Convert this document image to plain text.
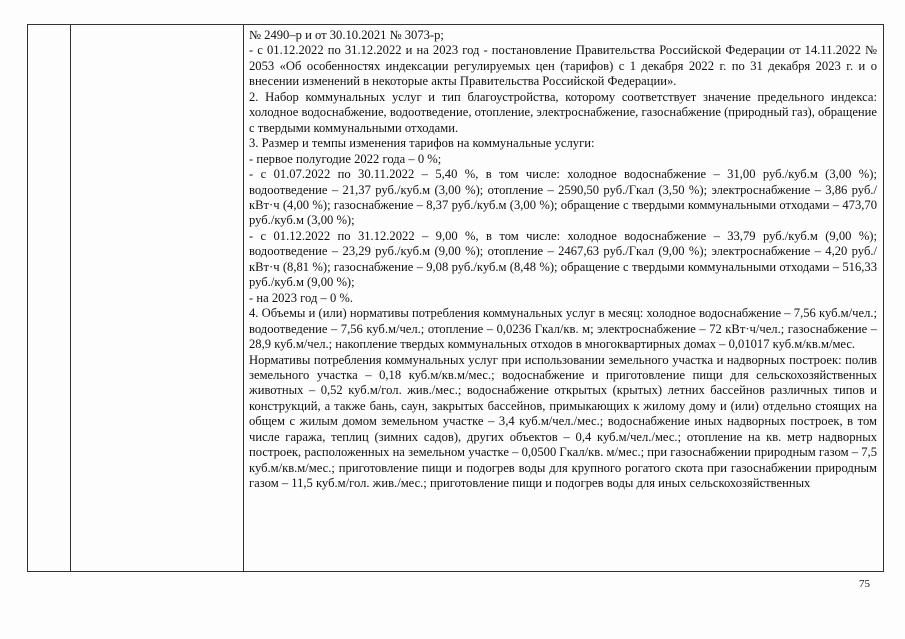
№ 2490–р и от 30.10.2021 № 3073-р;

- с 01.12.2022 по 31.12.2022 и на 2023 год - постановление Правительства Российской Федерации от 14.11.2022 № 2053 «Об особенностях индексации регулируемых цен (тарифов) с 1 декабря 2022 г. по 31 декабря 2023 г. и о внесении изменений в некоторые акты Правительства Российской Федерации».

2. Набор коммунальных услуг и тип благоустройства, которому соответствует значение предельного индекса: холодное водоснабжение, водоотведение, отопление, электроснабжение, газоснабжение (природный газ), обращение с твердыми коммунальными отходами.

3. Размер и темпы изменения тарифов на коммунальные услуги:

- первое полугодие 2022 года – 0 %;

- с 01.07.2022 по 30.11.2022 – 5,40 %, в том числе: холодное водоснабжение – 31,00 руб./куб.м (3,00 %); водоотведение – 21,37 руб./куб.м (3,00 %); отопление – 2590,50 руб./Гкал (3,50 %); электроснабжение – 3,86 руб./кВт·ч (4,00 %); газоснабжение – 8,37 руб./куб.м (3,00 %); обращение с твердыми коммунальными отходами – 473,70 руб./куб.м (3,00 %);

- с 01.12.2022 по 31.12.2022 – 9,00 %, в том числе: холодное водоснабжение – 33,79 руб./куб.м (9,00 %); водоотведение – 23,29 руб./куб.м (9,00 %); отопление – 2467,63 руб./Гкал (9,00 %); электроснабжение – 4,20 руб./кВт·ч (8,81 %); газоснабжение – 9,08 руб./куб.м (8,48 %); обращение с твердыми коммунальными отходами – 516,33 руб./куб.м (9,00 %);

- на 2023 год – 0 %.

4. Объемы и (или) нормативы потребления коммунальных услуг в месяц: холодное водоснабжение – 7,56 куб.м/чел.; водоотведение – 7,56 куб.м/чел.; отопление – 0,0236 Гкал/кв. м; электроснабжение – 72 кВт·ч/чел.; газоснабжение – 28,9 куб.м/чел.; накопление твердых коммунальных отходов в многоквартирных домах – 0,01017 куб.м/кв.м/мес.

Нормативы потребления коммунальных услуг при использовании земельного участка и надворных построек: полив земельного участка – 0,18 куб.м/кв.м/мес.; водоснабжение и приготовление пищи для сельскохозяйственных животных – 0,52 куб.м/гол. жив./мес.; водоснабжение открытых (крытых) летних бассейнов различных типов и конструкций, а также бань, саун, закрытых бассейнов, примыкающих к жилому дому и (или) отдельно стоящих на общем с жилым домом земельном участке – 3,4 куб.м/чел./мес.; водоснабжение иных надворных построек, в том числе гаража, теплиц (зимних садов), других объектов – 0,4 куб.м/чел./мес.; отопление на кв. метр надворных построек, расположенных на земельном участке – 0,0500 Гкал/кв. м/мес.; при газоснабжении природным газом – 7,5 куб.м/кв.м/мес.; приготовление пищи и подогрев воды для крупного рогатого скота при газоснабжении природным газом – 11,5 куб.м/гол. жив./мес.; приготовление пищи и подогрев воды для иных сельскохозяйственных

75
